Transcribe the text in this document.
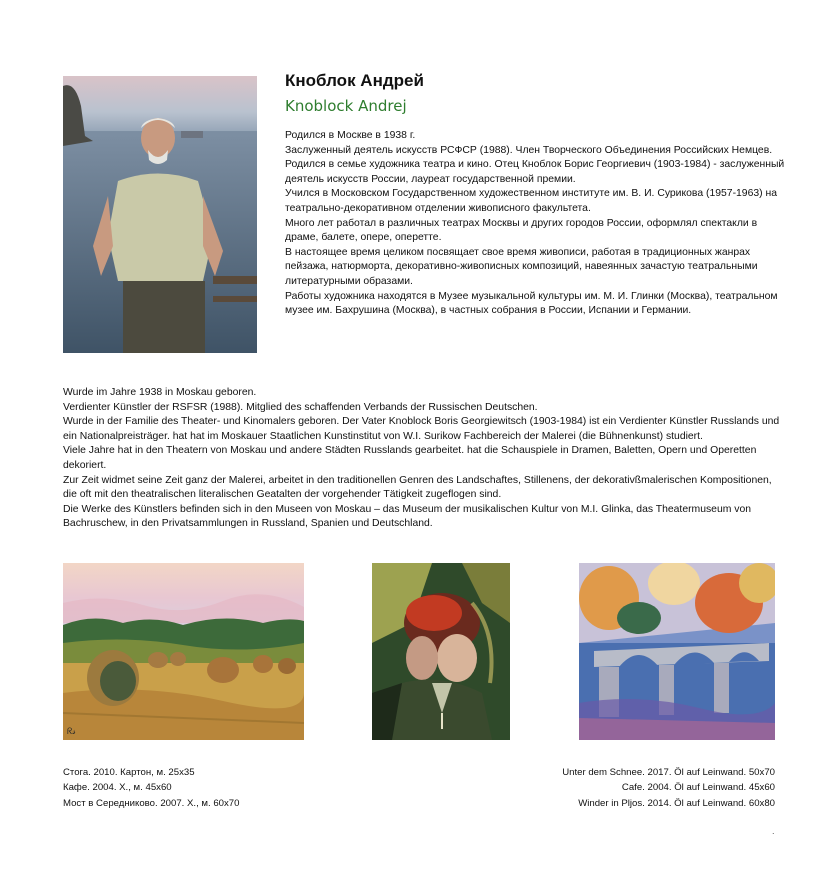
Кноблок Андрей
Knoblock Andrej

Родился в Москве в 1938 г.

Заслуженный деятель искусств РСФСР (1988). Член Творческого Объединения Российских Немцев.

Родился в семье художника театра и кино. Отец Кноблок Борис Георгиевич (1903-1984) - заслуженный деятель искусств России, лауреат государственной премии.

Учился в Московском Государственном художественном институте им. В. И. Сурикова (1957-1963) на театрально-декоративном отделении живописного факультета.

Много лет работал в различных театрах Москвы и других городов России, оформлял спектакли в драме, балете, опере, оперетте.

В настоящее время целиком посвящает свое время живописи, работая в традиционных жанрах пейзажа, натюрморта, декоративно-живописных композиций, навеянных зачастую театральными литературными образами.

Работы художника находятся в Музее музыкальной культуры им. М. И. Глинки (Москва), театральном музее им. Бахрушина (Москва), в частных собрания в России, Испании и Германии.

Wurde im Jahre 1938 in Moskau geboren.

Verdienter Künstler der RSFSR (1988). Mitglied des schaffenden Verbands der Russischen Deutschen.

Wurde in der Familie des Theater- und Kinomalers geboren. Der Vater Knoblock Boris Georgiewitsch (1903-1984) ist ein Verdienter Künstler Russlands und ein Nationalpreisträger. hat hat im Moskauer Staatlichen Kunstinstitut von W.I. Surikow Fachbereich der Malerei (die Bühnenkunst) studiert.

Viele Jahre hat in den Theatern von Moskau und andere Städten Russlands gearbeitet. hat die Schauspiele in Dramen, Baletten, Opern und Operetten dekoriert.

Zur Zeit widmet seine Zeit ganz der Malerei, arbeitet in den traditionellen Genren des Landschaftes, Stillenens, der dekorativßmalerischen Kompositionen, die oft mit den theatralischen literalischen Geatalten der vorgehender Tätigkeit zugeflogen sind.

Die Werke des Künstlers befinden sich in den Museen von Moskau – das Museum der musikalischen Kultur von M.I. Glinka, das Theatermuseum von Bachruschew, in den Privatsammlungen in Russland, Spanien und Deutschland.

ᖇ𝓈
Стога. 2010. Картон, м. 25х35
Кафе. 2004. Х., м. 45х60
Мост в Середниково. 2007. Х., м. 60х70
Unter dem Schnee. 2017. Öl auf Leinwand. 50x70
Cafe. 2004. Öl auf Leinwand. 45x60
Winder in Pljos. 2014. Öl auf Leinwand. 60x80
.
